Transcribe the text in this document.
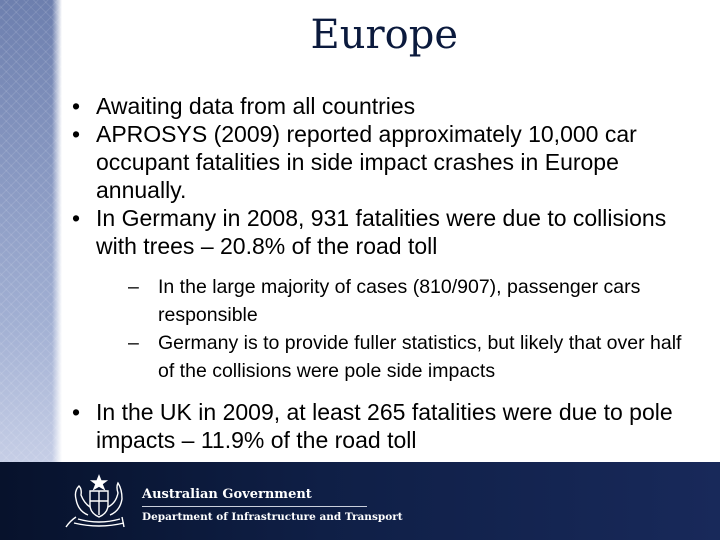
Europe
• Awaiting data from all countries
• APROSYS (2009) reported approximately 10,000 car occupant fatalities in side impact crashes in Europe annually.
• In Germany in 2008, 931 fatalities were due to collisions with trees – 20.8% of the road toll
– In the large majority of cases (810/907), passenger cars responsible
– Germany is to provide fuller statistics, but likely that over half of the collisions were pole side impacts
• In the UK in 2009, at least 265 fatalities were due to pole impacts – 11.9% of the road toll
Australian Government
Department of Infrastructure and Transport
